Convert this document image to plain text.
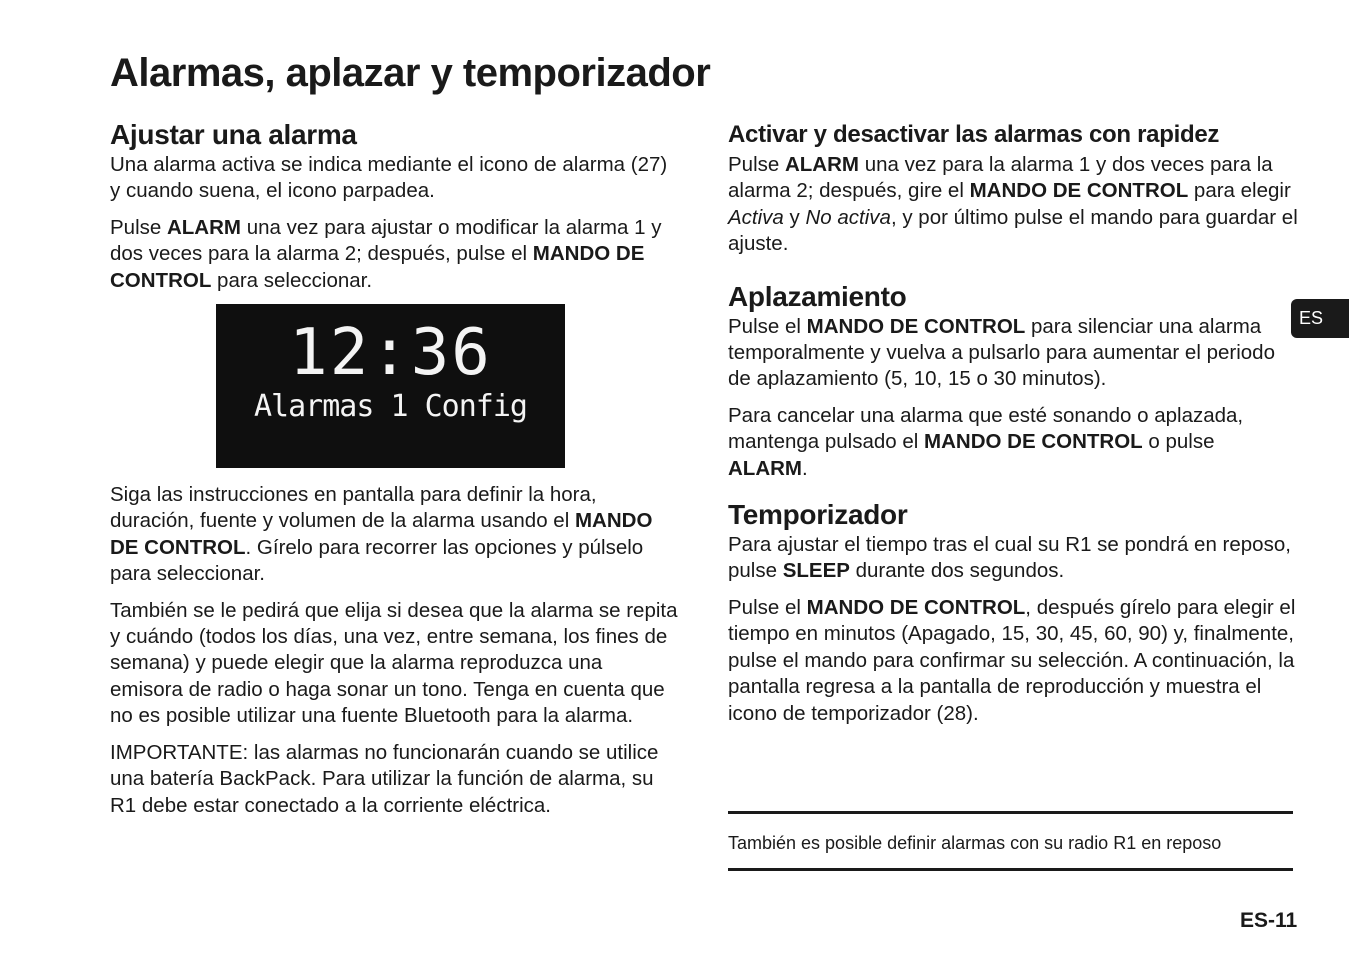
Alarmas, aplazar y temporizador
Ajustar una alarma

Una alarma activa se indica mediante el icono de alarma (27) y cuando suena, el icono parpadea.

Pulse ALARM una vez para ajustar o modificar la alarma 1 y dos veces para la alarma 2; después, pulse el MANDO DE CONTROL para seleccionar.

12:36
Alarmas 1 Config

Siga las instrucciones en pantalla para definir la hora, duración, fuente y volumen de la alarma usando el MANDO DE CONTROL. Gírelo para recorrer las opciones y púlselo para seleccionar.

También se le pedirá que elija si desea que la alarma se repita y cuándo (todos los días, una vez, entre semana, los fines de semana) y puede elegir que la alarma reproduzca una emisora de radio o haga sonar un tono. Tenga en cuenta que no es posible utilizar una fuente Bluetooth para la alarma.

IMPORTANTE: las alarmas no funcionarán cuando se utilice una batería BackPack. Para utilizar la función de alarma, su R1 debe estar conectado a la corriente eléctrica.

Activar y desactivar las alarmas con rapidez

Pulse ALARM una vez para la alarma 1 y dos veces para la alarma 2; después, gire el MANDO DE CONTROL para elegir Activa y No activa, y por último pulse el mando para guardar el ajuste.

Aplazamiento

Pulse el MANDO DE CONTROL para silenciar una alarma temporalmente y vuelva a pulsarlo para aumentar el periodo de aplazamiento (5, 10, 15 o 30 minutos).

Para cancelar una alarma que esté sonando o aplazada, mantenga pulsado el MANDO DE CONTROL o pulse ALARM.

Temporizador

Para ajustar el tiempo tras el cual su R1 se pondrá en reposo, pulse SLEEP durante dos segundos.

Pulse el MANDO DE CONTROL, después gírelo para elegir el tiempo en minutos (Apagado, 15, 30, 45, 60, 90) y, finalmente, pulse el mando para confirmar su selección. A continuación, la pantalla regresa a la pantalla de reproducción y muestra el icono de temporizador (28).

También es posible definir alarmas con su radio R1 en reposo
ES
ES-11
